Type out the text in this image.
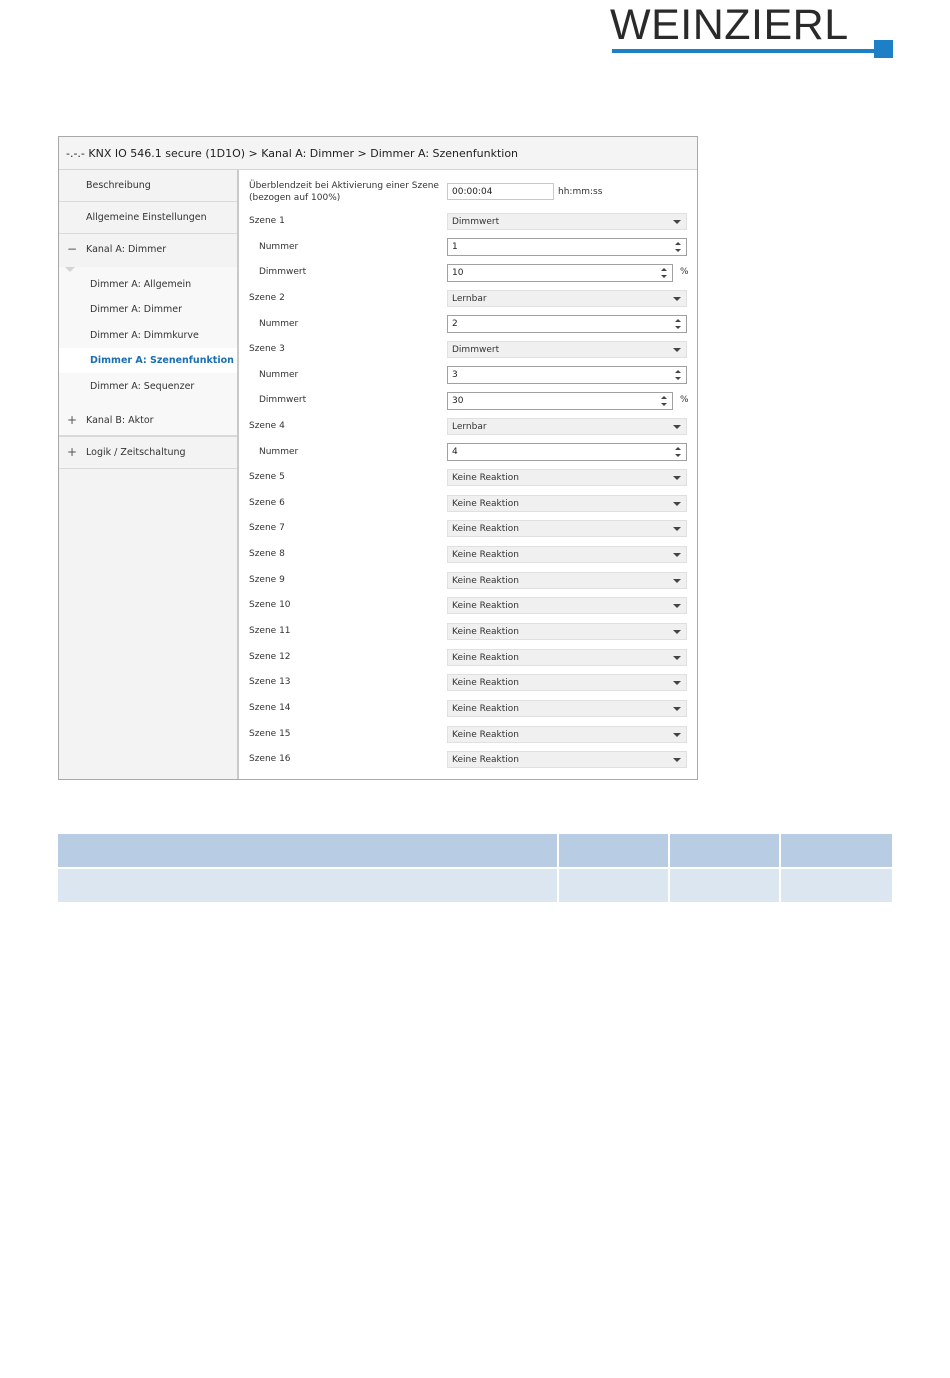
WEINZIERL
-.-.- KNX IO 546.1 secure (1D1O) > Kanal A: Dimmer > Dimmer A: Szenenfunktion
Beschreibung
Allgemeine Einstellungen
− Kanal A: Dimmer
Dimmer A: Allgemein
Dimmer A: Dimmer
Dimmer A: Dimmkurve
Dimmer A: Szenenfunktion
Dimmer A: Sequenzer
+ Kanal B: Aktor
+ Logik / Zeitschaltung
Überblendzeit bei Aktivierung einer Szene
(bezogen auf 100%)
00:00:04	hh:mm:ss
Szene 1	Dimmwert
Nummer	1
Dimmwert	10	%
Szene 2	Lernbar
Nummer	2
Szene 3	Dimmwert
Nummer	3
Dimmwert	30	%
Szene 4	Lernbar
Nummer	4
Szene 5	Keine Reaktion
Szene 6	Keine Reaktion
Szene 7	Keine Reaktion
Szene 8	Keine Reaktion
Szene 9	Keine Reaktion
Szene 10	Keine Reaktion
Szene 11	Keine Reaktion
Szene 12	Keine Reaktion
Szene 13	Keine Reaktion
Szene 14	Keine Reaktion
Szene 15	Keine Reaktion
Szene 16	Keine Reaktion
